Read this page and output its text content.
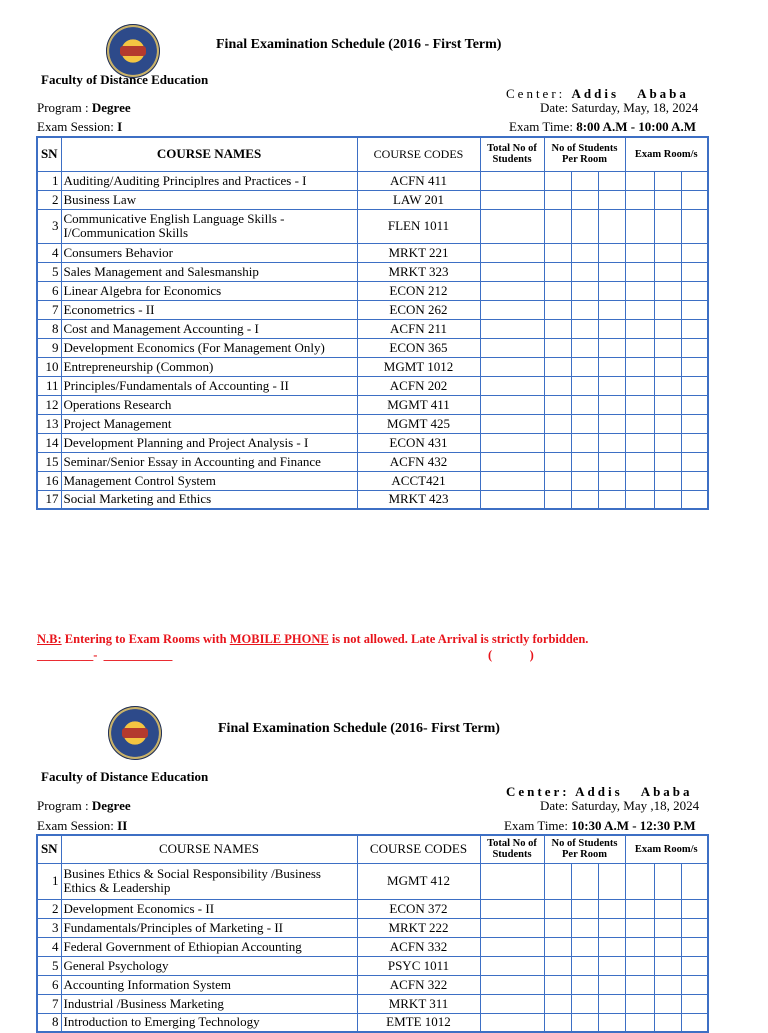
Final Examination Schedule (2016 - First Term)
Faculty of Distance Education
Center: Addis   Ababa
Program : Degree	Date: Saturday, May, 18, 2024
Exam Session: I	Exam Time: 8:00 A.M - 10:00 A.M
SN	COURSE NAMES	COURSE CODES	Total No of Students	No of Students Per Room			Exam Room/s		
1	Auditing/Auditing Principlres and Practices - I	ACFN 411							
2	Business Law	LAW 201							
3	Communicative English Language Skills - I/Communication Skills	FLEN 1011							
4	Consumers Behavior	MRKT 221							
5	Sales Management and Salesmanship	MRKT 323							
6	Linear Algebra for Economics	ECON 212							
7	Econometrics - II	ECON 262							
8	Cost and Management Accounting - I	ACFN 211							
9	Development Economics (For Management Only)	ECON 365							
10	Entrepreneurship (Common)	MGMT 1012							
11	Principles/Fundamentals of Accounting - II	ACFN 202							
12	Operations Research	MGMT 411							
13	Project Management	MGMT 425							
14	Development Planning and Project Analysis - I	ECON 431							
15	Seminar/Senior Essay in Accounting and Finance	ACFN 432							
16	Management Control System	ACCT421							
17	Social Marketing and Ethics	MRKT 423							
N.B: Entering to Exam Rooms with MOBILE PHONE is not allowed. Late Arrival is strictly forbidden.
_________-  ___________	(            )
Final Examination Schedule (2016- First Term)
Faculty of Distance Education
Center: Addis   Ababa
Program : Degree	Date: Saturday, May ,18, 2024
Exam Session: II	Exam Time: 10:30 A.M - 12:30 P.M
SN	COURSE NAMES	COURSE CODES	Total No of Students	No of Students Per Room			Exam Room/s		
1	Busines Ethics & Social Responsibility /Business Ethics & Leadership	MGMT 412							
2	Development Economics - II	ECON 372							
3	Fundamentals/Principles of Marketing - II	MRKT 222							
4	Federal Government of Ethiopian Accounting	ACFN 332							
5	General Psychology	PSYC 1011							
6	Accounting Information System	ACFN 322							
7	Industrial /Business Marketing	MRKT 311							
8	Introduction to Emerging Technology	EMTE 1012							
